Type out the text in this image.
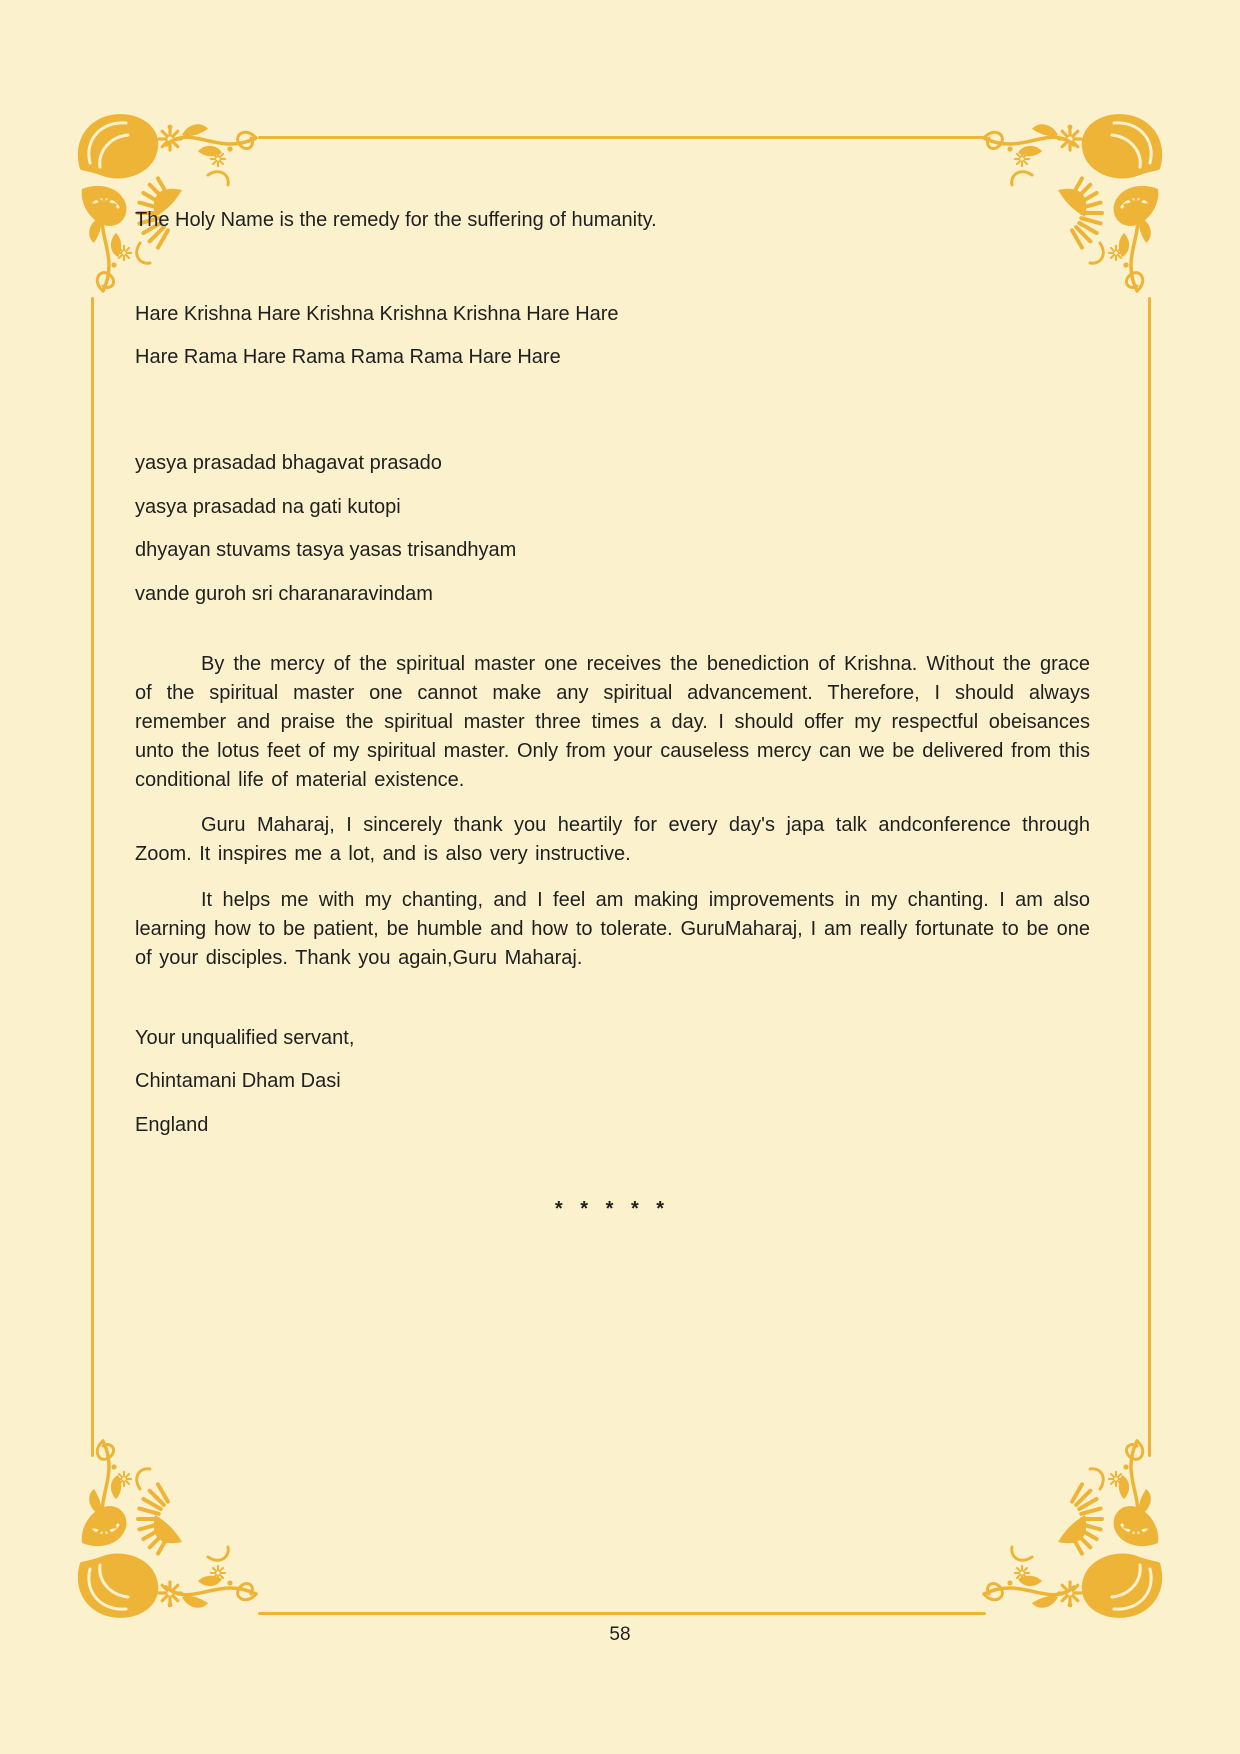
The Holy Name is the remedy for the suffering of humanity.

Hare Krishna Hare Krishna Krishna Krishna Hare Hare

Hare Rama Hare Rama Rama Rama Hare Hare

yasya prasadad bhagavat prasado

yasya prasadad na gati kutopi

dhyayan stuvams tasya yasas trisandhyam

vande guroh sri charanaravindam

By the mercy of the spiritual master one receives the benediction of Krishna. Without the grace of the spiritual master one cannot make any spiritual advancement. Therefore, I should always remember and praise the spiritual master three times a day. I should offer my respectful obeisances unto the lotus feet of my spiritual master. Only from your causeless mercy can we be delivered from this conditional life of material existence.

Guru Maharaj, I sincerely thank you heartily for every day's japa talk andconference through Zoom. It inspires me a lot, and is also very instructive.

It helps me with my chanting, and I feel am making improvements in my chanting. I am also learning how to be patient, be humble and how to tolerate. GuruMaharaj, I am really fortunate to be one of your disciples. Thank you again,Guru Maharaj.

Your unqualified servant,

Chintamani Dham Dasi

England

* * * * *

58
